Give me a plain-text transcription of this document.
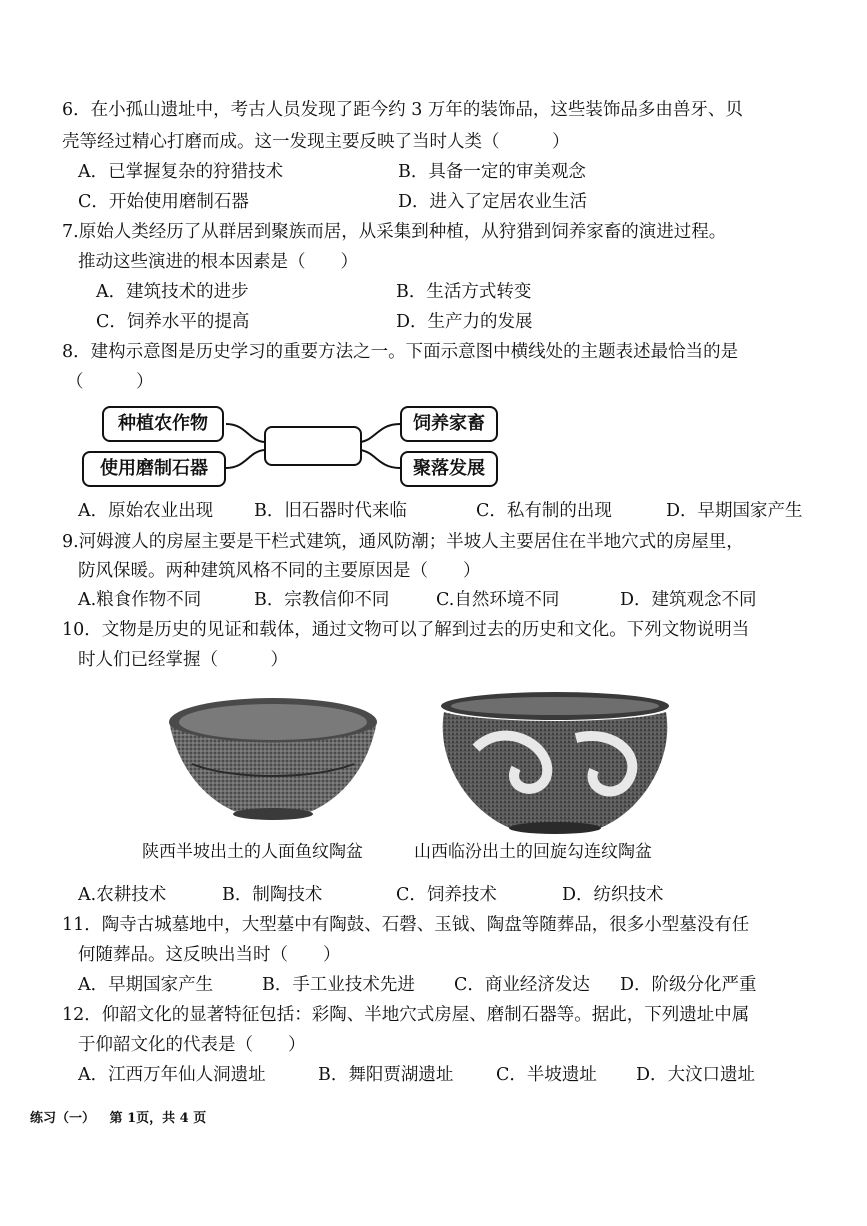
6．在小孤山遗址中，考古人员发现了距今约 3 万年的装饰品，这些装饰品多由兽牙、贝
壳等经过精心打磨而成。这一发现主要反映了当时人类（　　　）
A．已掌握复杂的狩猎技术	B．具备一定的审美观念
C．开始使用磨制石器	D．进入了定居农业生活
7.原始人类经历了从群居到聚族而居，从采集到种植，从狩猎到饲养家畜的演进过程。
推动这些演进的根本因素是（　　）
A．建筑技术的进步	B．生活方式转变
C．饲养水平的提高	D．生产力的发展
8．建构示意图是历史学习的重要方法之一。下面示意图中横线处的主题表述最恰当的是
（　　　）
种植农作物
使用磨制石器
饲养家畜
聚落发展
A．原始农业出现 B．旧石器时代来临	C．私有制的出现	D．早期国家产生
9.河姆渡人的房屋主要是干栏式建筑，通风防潮；半坡人主要居住在半地穴式的房屋里，
防风保暖。两种建筑风格不同的主要原因是（　　）
A.粮食作物不同	B．宗教信仰不同	C.自然环境不同	D．建筑观念不同
10．文物是历史的见证和载体，通过文物可以了解到过去的历史和文化。下列文物说明当
时人们已经掌握（　　　）
陕西半坡出土的人面鱼纹陶盆	山西临汾出土的回旋勾连纹陶盆
A.农耕技术	B．制陶技术	C．饲养技术	D．纺织技术
11．陶寺古城墓地中，大型墓中有陶鼓、石磬、玉钺、陶盘等随葬品，很多小型墓没有任
何随葬品。这反映出当时（　　）
A．早期国家产生	B．手工业技术先进 C．商业经济发达 D．阶级分化严重
12．仰韶文化的显著特征包括：彩陶、半地穴式房屋、磨制石器等。据此，下列遗址中属
于仰韶文化的代表是（　　）
A．江西万年仙人洞遗址	B．舞阳贾湖遗址 C．半坡遗址 D．大汶口遗址
练习（一） 第 1页，共 4 页
